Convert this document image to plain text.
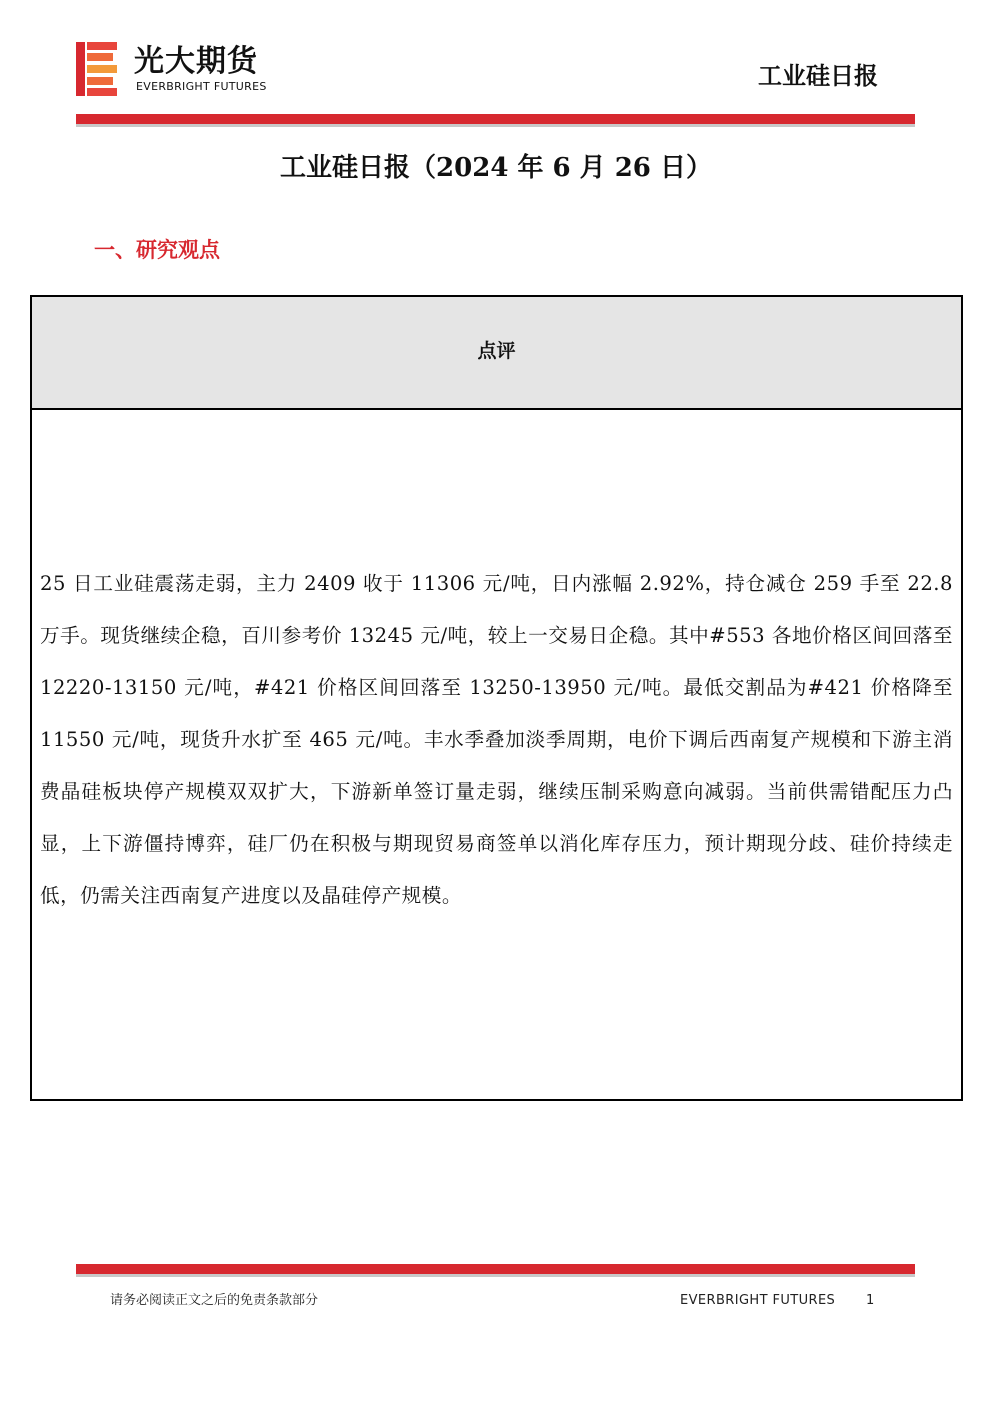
光大期货
EVERBRIGHT FUTURES	工业硅日报
工业硅日报（2024 年 6 月 26 日）
一、研究观点
点评
25 日工业硅震荡走弱，主力 2409 收于 11306 元/吨，日内涨幅 2.92%，持仓减仓 259 手至 22.8 万手。现货继续企稳，百川参考价 13245 元/吨，较上一交易日企稳。其中#553 各地价格区间回落至 12220-13150 元/吨，#421 价格区间回落至 13250-13950 元/吨。最低交割品为#421 价格降至 11550 元/吨，现货升水扩至 465 元/吨。丰水季叠加淡季周期，电价下调后西南复产规模和下游主消费晶硅板块停产规模双双扩大，下游新单签订量走弱，继续压制采购意向减弱。当前供需错配压力凸显，上下游僵持博弈，硅厂仍在积极与期现贸易商签单以消化库存压力，预计期现分歧、硅价持续走低，仍需关注西南复产进度以及晶硅停产规模。
请务必阅读正文之后的免责条款部分	EVERBRIGHT FUTURES 1
